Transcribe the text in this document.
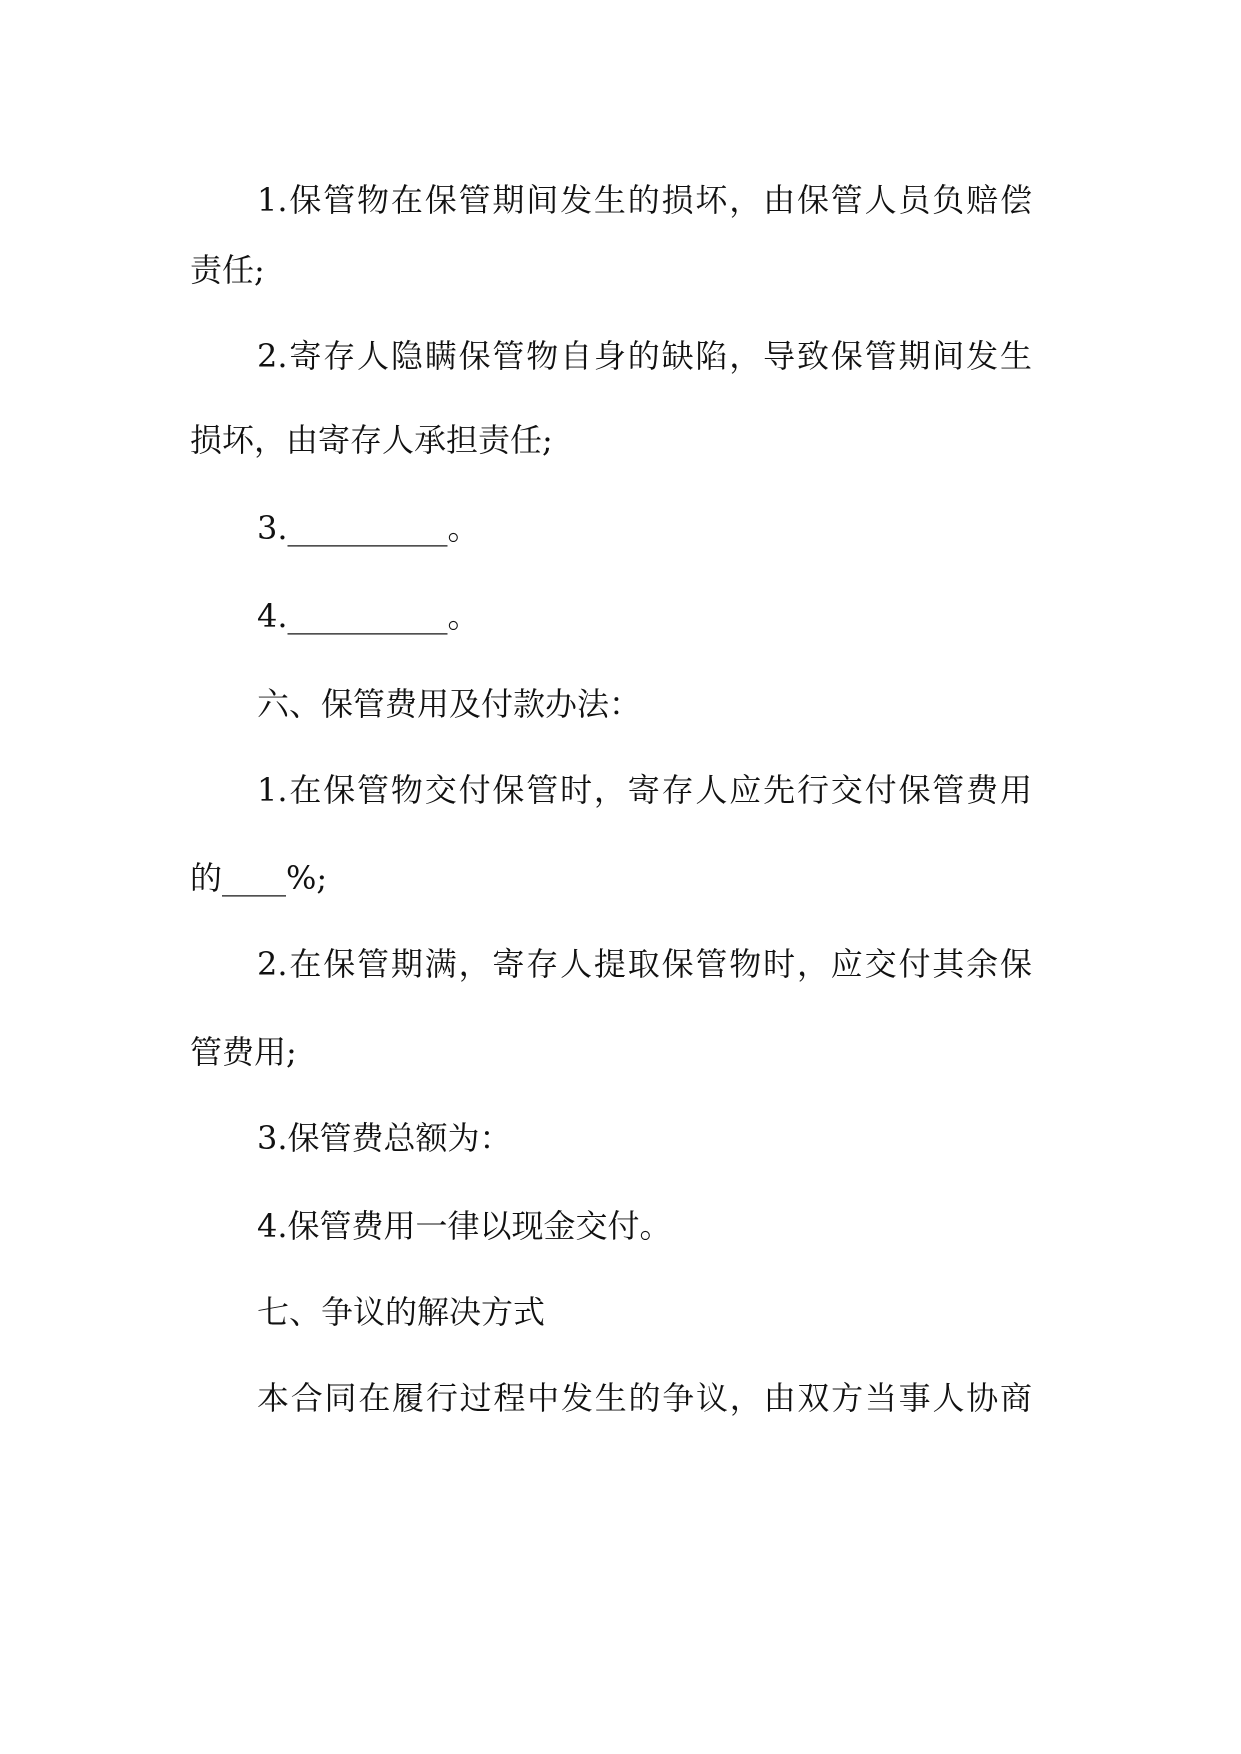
1.保管物在保管期间发生的损坏，由保管人员负赔偿
责任;
2.寄存人隐瞒保管物自身的缺陷，导致保管期间发生
损坏，由寄存人承担责任;
3.__________。
4.__________。
六、保管费用及付款办法：
1.在保管物交付保管时，寄存人应先行交付保管费用
的____%;
2.在保管期满，寄存人提取保管物时，应交付其余保
管费用;
3.保管费总额为：
4.保管费用一律以现金交付。
七、争议的解决方式
本合同在履行过程中发生的争议，由双方当事人协商
